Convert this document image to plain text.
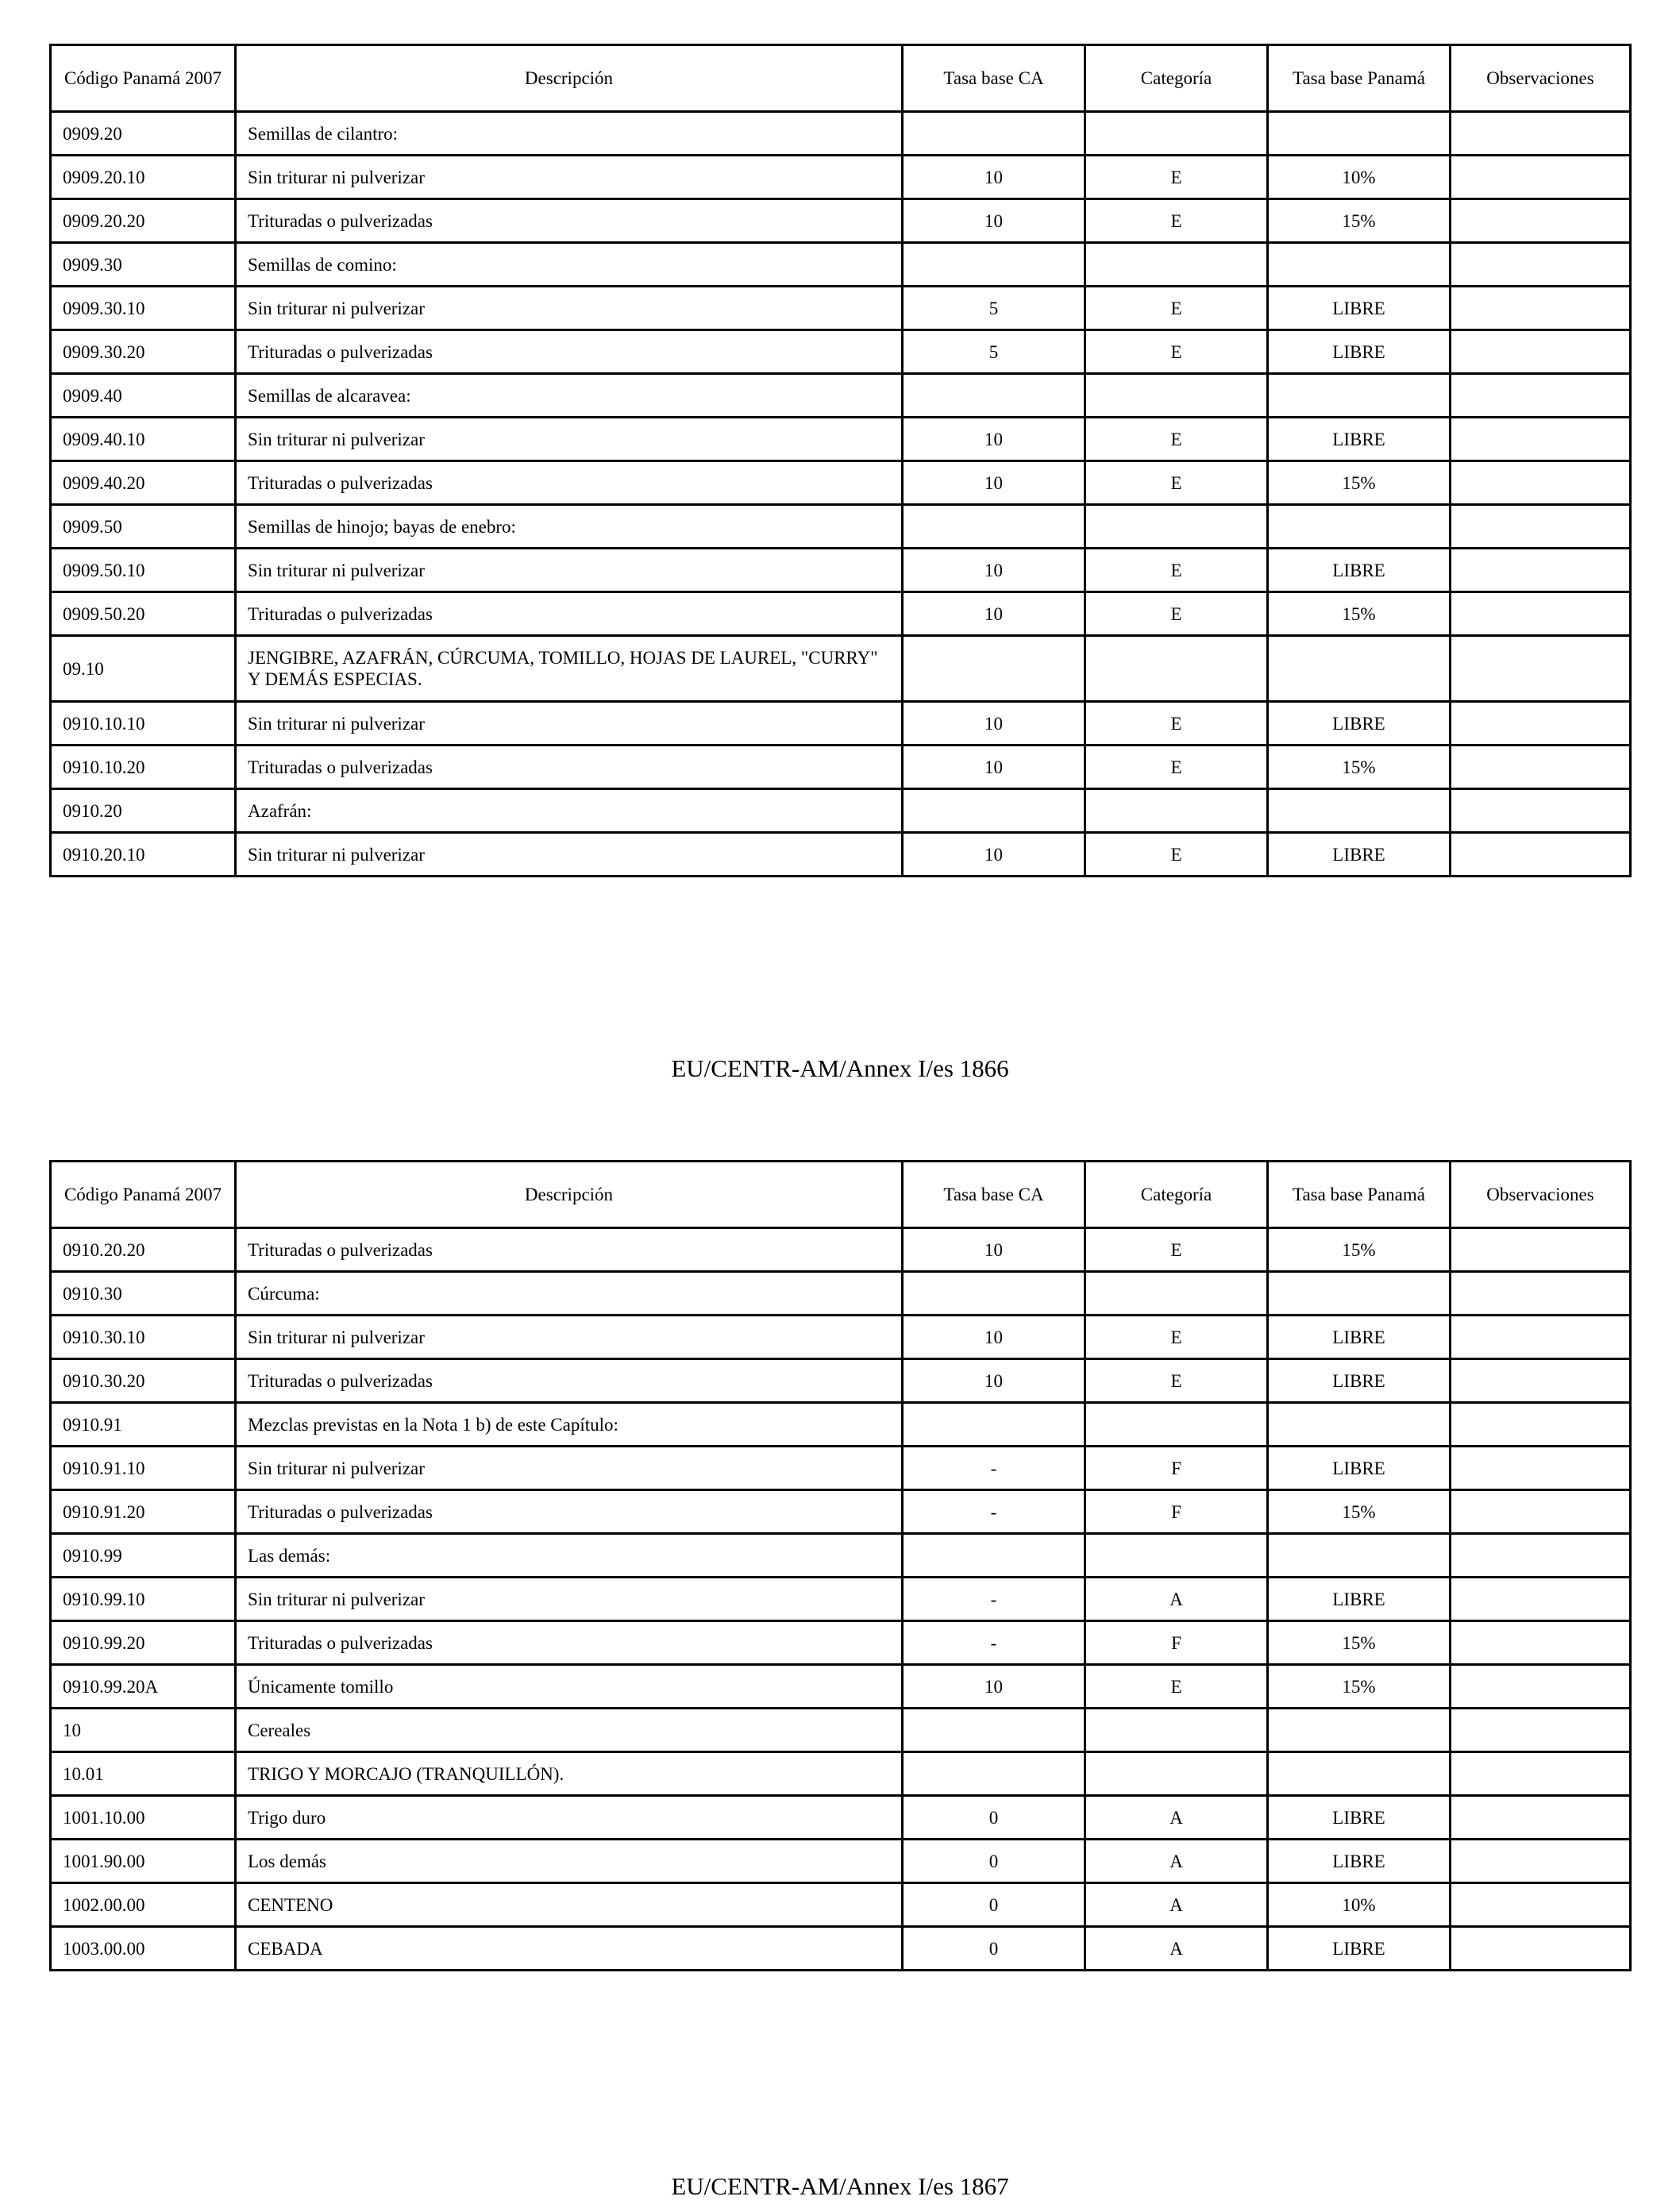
Código Panamá 2007	Descripción	Tasa base CA	Categoría	Tasa base Panamá	Observaciones
0909.20	Semillas de cilantro:				
0909.20.10	Sin triturar ni pulverizar	10	E	10%	
0909.20.20	Trituradas o pulverizadas	10	E	15%	
0909.30	Semillas de comino:				
0909.30.10	Sin triturar ni pulverizar	5	E	LIBRE	
0909.30.20	Trituradas o pulverizadas	5	E	LIBRE	
0909.40	Semillas de alcaravea:				
0909.40.10	Sin triturar ni pulverizar	10	E	LIBRE	
0909.40.20	Trituradas o pulverizadas	10	E	15%	
0909.50	Semillas de hinojo; bayas de enebro:				
0909.50.10	Sin triturar ni pulverizar	10	E	LIBRE	
0909.50.20	Trituradas o pulverizadas	10	E	15%	
09.10	JENGIBRE, AZAFRÁN, CÚRCUMA, TOMILLO, HOJAS DE LAUREL, "CURRY" Y DEMÁS ESPECIAS.				
0910.10.10	Sin triturar ni pulverizar	10	E	LIBRE	
0910.10.20	Trituradas o pulverizadas	10	E	15%	
0910.20	Azafrán:				
0910.20.10	Sin triturar ni pulverizar	10	E	LIBRE	
EU/CENTR-AM/Annex I/es 1866
Código Panamá 2007	Descripción	Tasa base CA	Categoría	Tasa base Panamá	Observaciones
0910.20.20	Trituradas o pulverizadas	10	E	15%	
0910.30	Cúrcuma:				
0910.30.10	Sin triturar ni pulverizar	10	E	LIBRE	
0910.30.20	Trituradas o pulverizadas	10	E	LIBRE	
0910.91	Mezclas previstas en la Nota 1 b) de este Capítulo:				
0910.91.10	Sin triturar ni pulverizar	-	F	LIBRE	
0910.91.20	Trituradas o pulverizadas	-	F	15%	
0910.99	Las demás:				
0910.99.10	Sin triturar ni pulverizar	-	A	LIBRE	
0910.99.20	Trituradas o pulverizadas	-	F	15%	
0910.99.20A	Únicamente tomillo	10	E	15%	
10	Cereales				
10.01	TRIGO Y MORCAJO (TRANQUILLÓN).				
1001.10.00	Trigo duro	0	A	LIBRE	
1001.90.00	Los demás	0	A	LIBRE	
1002.00.00	CENTENO	0	A	10%	
1003.00.00	CEBADA	0	A	LIBRE	
EU/CENTR-AM/Annex I/es 1867
